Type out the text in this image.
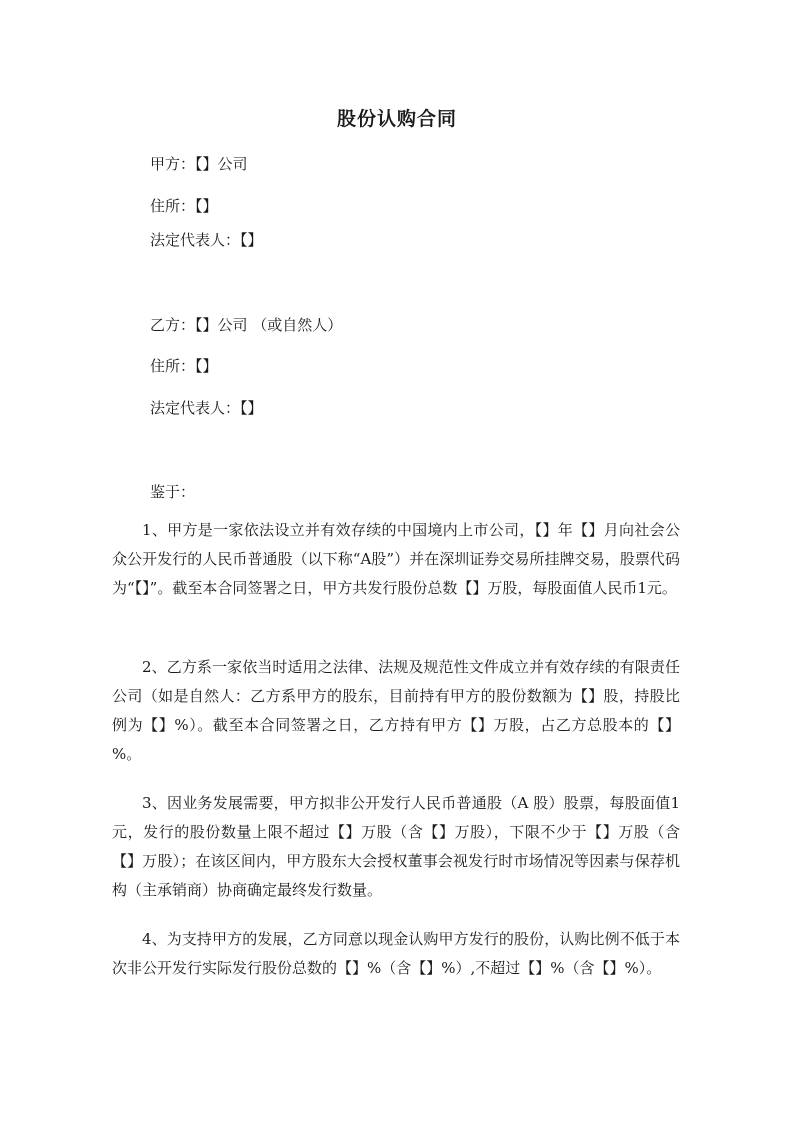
股份认购合同
甲方：【】公司
住所：【】
法定代表人：【】
乙方：【】公司 （或自然人）
住所：【】
法定代表人：【】
鉴于：
1、甲方是一家依法设立并有效存续的中国境内上市公司，【】年【】月向社会公众公开发行的人民币普通股（以下称“A股”）并在深圳证券交易所挂牌交易，股票代码为“【】”。截至本合同签署之日，甲方共发行股份总数【】万股，每股面值人民币1元。
2、乙方系一家依当时适用之法律、法规及规范性文件成立并有效存续的有限责任公司（如是自然人：乙方系甲方的股东，目前持有甲方的股份数额为【】股，持股比例为【】%）。截至本合同签署之日，乙方持有甲方【】万股，占乙方总股本的【】%。
3、因业务发展需要，甲方拟非公开发行人民币普通股（A 股）股票，每股面值1元，发行的股份数量上限不超过【】万股（含【】万股），下限不少于【】万股（含【】万股）；在该区间内，甲方股东大会授权董事会视发行时市场情况等因素与保荐机构（主承销商）协商确定最终发行数量。
4、为支持甲方的发展，乙方同意以现金认购甲方发行的股份，认购比例不低于本次非公开发行实际发行股份总数的【】%（含【】%）,不超过【】%（含【】%）。
